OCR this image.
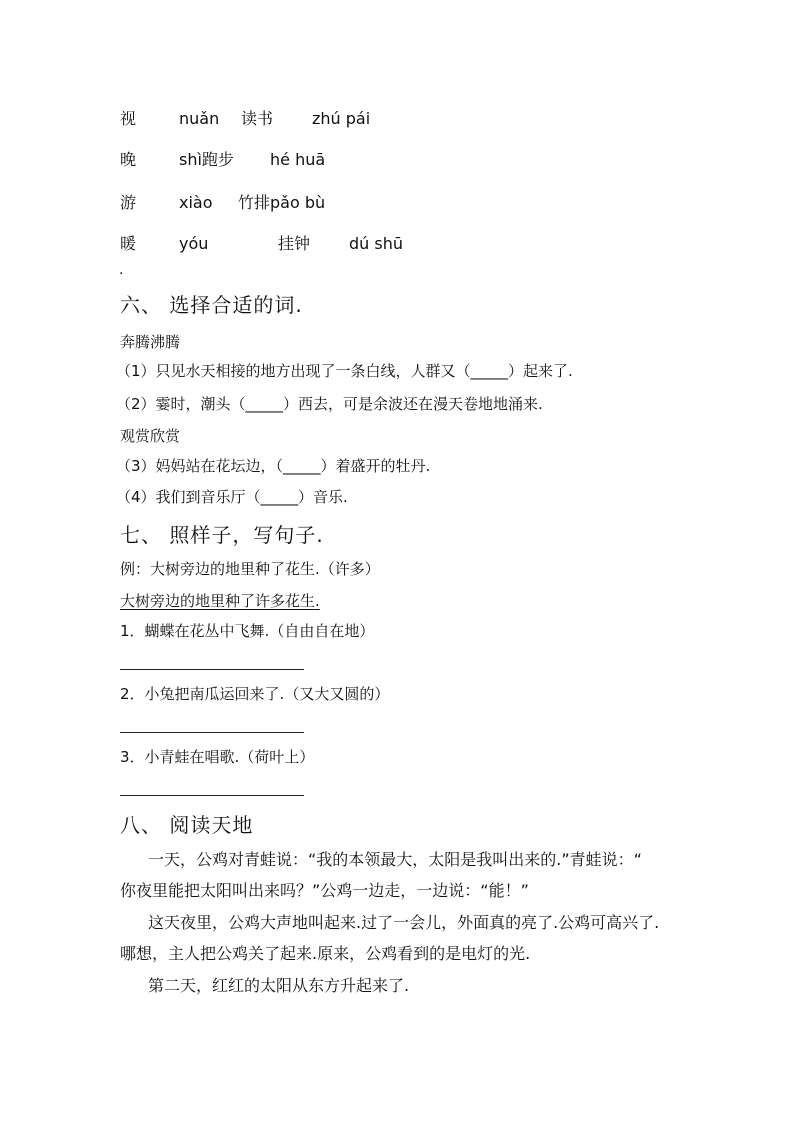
视	nuǎn 读书 zhú pái
晚	shì跑步 hé huā
游	xiào 竹排pǎo bù
暖	yóu	挂钟 dú shū
.
六、 选择合适的词.
奔腾沸腾
（1）只见水天相接的地方出现了一条白线，人群又（_____）起来了.
（2）霎时，潮头（_____）西去，可是余波还在漫天卷地地涌来.
观赏欣赏
（3）妈妈站在花坛边，（_____）着盛开的牡丹.
（4）我们到音乐厅（_____）音乐.
七、 照样子，写句子.
例：大树旁边的地里种了花生.（许多）
大树旁边的地里种了许多花生.
1．蝴蝶在花丛中飞舞.（自由自在地）
2．小兔把南瓜运回来了.（又大又圆的）
3．小青蛙在唱歌.（荷叶上）
八、 阅读天地
一天，公鸡对青蛙说：“我的本领最大，太阳是我叫出来的.”青蛙说：“
你夜里能把太阳叫出来吗？”公鸡一边走，一边说：“能！”
这天夜里，公鸡大声地叫起来.过了一会儿，外面真的亮了.公鸡可高兴了.
哪想，主人把公鸡关了起来.原来，公鸡看到的是电灯的光.
第二天，红红的太阳从东方升起来了.
